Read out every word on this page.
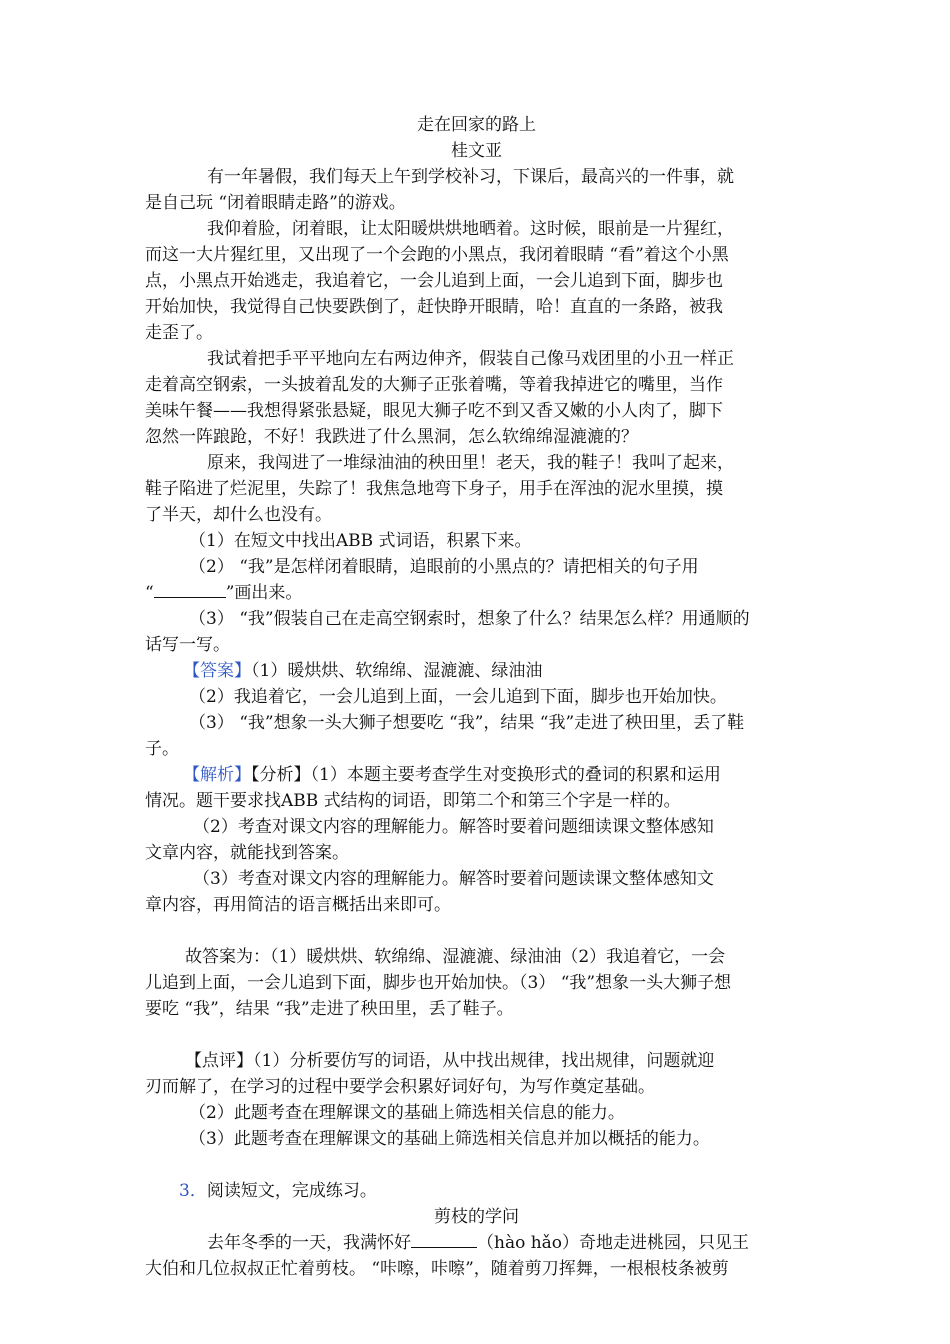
走在回家的路上
桂文亚
有一年暑假，我们每天上午到学校补习，下课后，最高兴的一件事，就
是自己玩 “闭着眼睛走路”的游戏。
我仰着脸，闭着眼，让太阳暖烘烘地晒着。这时候，眼前是一片猩红，
而这一大片猩红里，又出现了一个会跑的小黑点，我闭着眼睛 “看”着这个小黑
点，小黑点开始逃走，我追着它，一会儿追到上面，一会儿追到下面，脚步也
开始加快，我觉得自己快要跌倒了，赶快睁开眼睛，哈！直直的一条路，被我
走歪了。
我试着把手平平地向左右两边伸齐，假装自己像马戏团里的小丑一样正
走着高空钢索，一头披着乱发的大狮子正张着嘴，等着我掉进它的嘴里，当作
美味午餐——我想得紧张悬疑，眼见大狮子吃不到又香又嫩的小人肉了，脚下
忽然一阵踉跄，不好！我跌进了什么黑洞，怎么软绵绵湿漉漉的？
原来，我闯进了一堆绿油油的秧田里！老天，我的鞋子！我叫了起来，
鞋子陷进了烂泥里，失踪了！我焦急地弯下身子，用手在浑浊的泥水里摸，摸
了半天，却什么也没有。
（1）在短文中找出ABB 式词语，积累下来。
（2） “我”是怎样闭着眼睛，追眼前的小黑点的？请把相关的句子用
“	”画出来。
（3） “我”假装自己在走高空钢索时，想象了什么？结果怎么样？用通顺的
话写一写。
【答案】（1）暖烘烘、软绵绵、湿漉漉、绿油油
（2）我追着它，一会儿追到上面，一会儿追到下面，脚步也开始加快。
（3） “我”想象一头大狮子想要吃 “我”，结果 “我”走进了秧田里，丢了鞋
子。
【解析】【分析】（1）本题主要考查学生对变换形式的叠词的积累和运用
情况。题干要求找ABB 式结构的词语，即第二个和第三个字是一样的。
（2）考查对课文内容的理解能力。解答时要着问题细读课文整体感知
文章内容，就能找到答案。
（3）考查对课文内容的理解能力。解答时要着问题读课文整体感知文
章内容，再用简洁的语言概括出来即可。
故答案为：（1）暖烘烘、软绵绵、湿漉漉、绿油油（2）我追着它，一会
儿追到上面，一会儿追到下面，脚步也开始加快。（3） “我”想象一头大狮子想
要吃 “我”，结果 “我”走进了秧田里，丢了鞋子。
【点评】（1）分析要仿写的词语，从中找出规律，找出规律，问题就迎
刃而解了，在学习的过程中要学会积累好词好句，为写作奠定基础。
（2）此题考查在理解课文的基础上筛选相关信息的能力。
（3）此题考查在理解课文的基础上筛选相关信息并加以概括的能力。
3．阅读短文，完成练习。
剪枝的学问
去年冬季的一天，我满怀好	（hào hǎo）奇地走进桃园，只见王
大伯和几位叔叔正忙着剪枝。 “咔嚓，咔嚓”，随着剪刀挥舞，一根根枝条被剪
